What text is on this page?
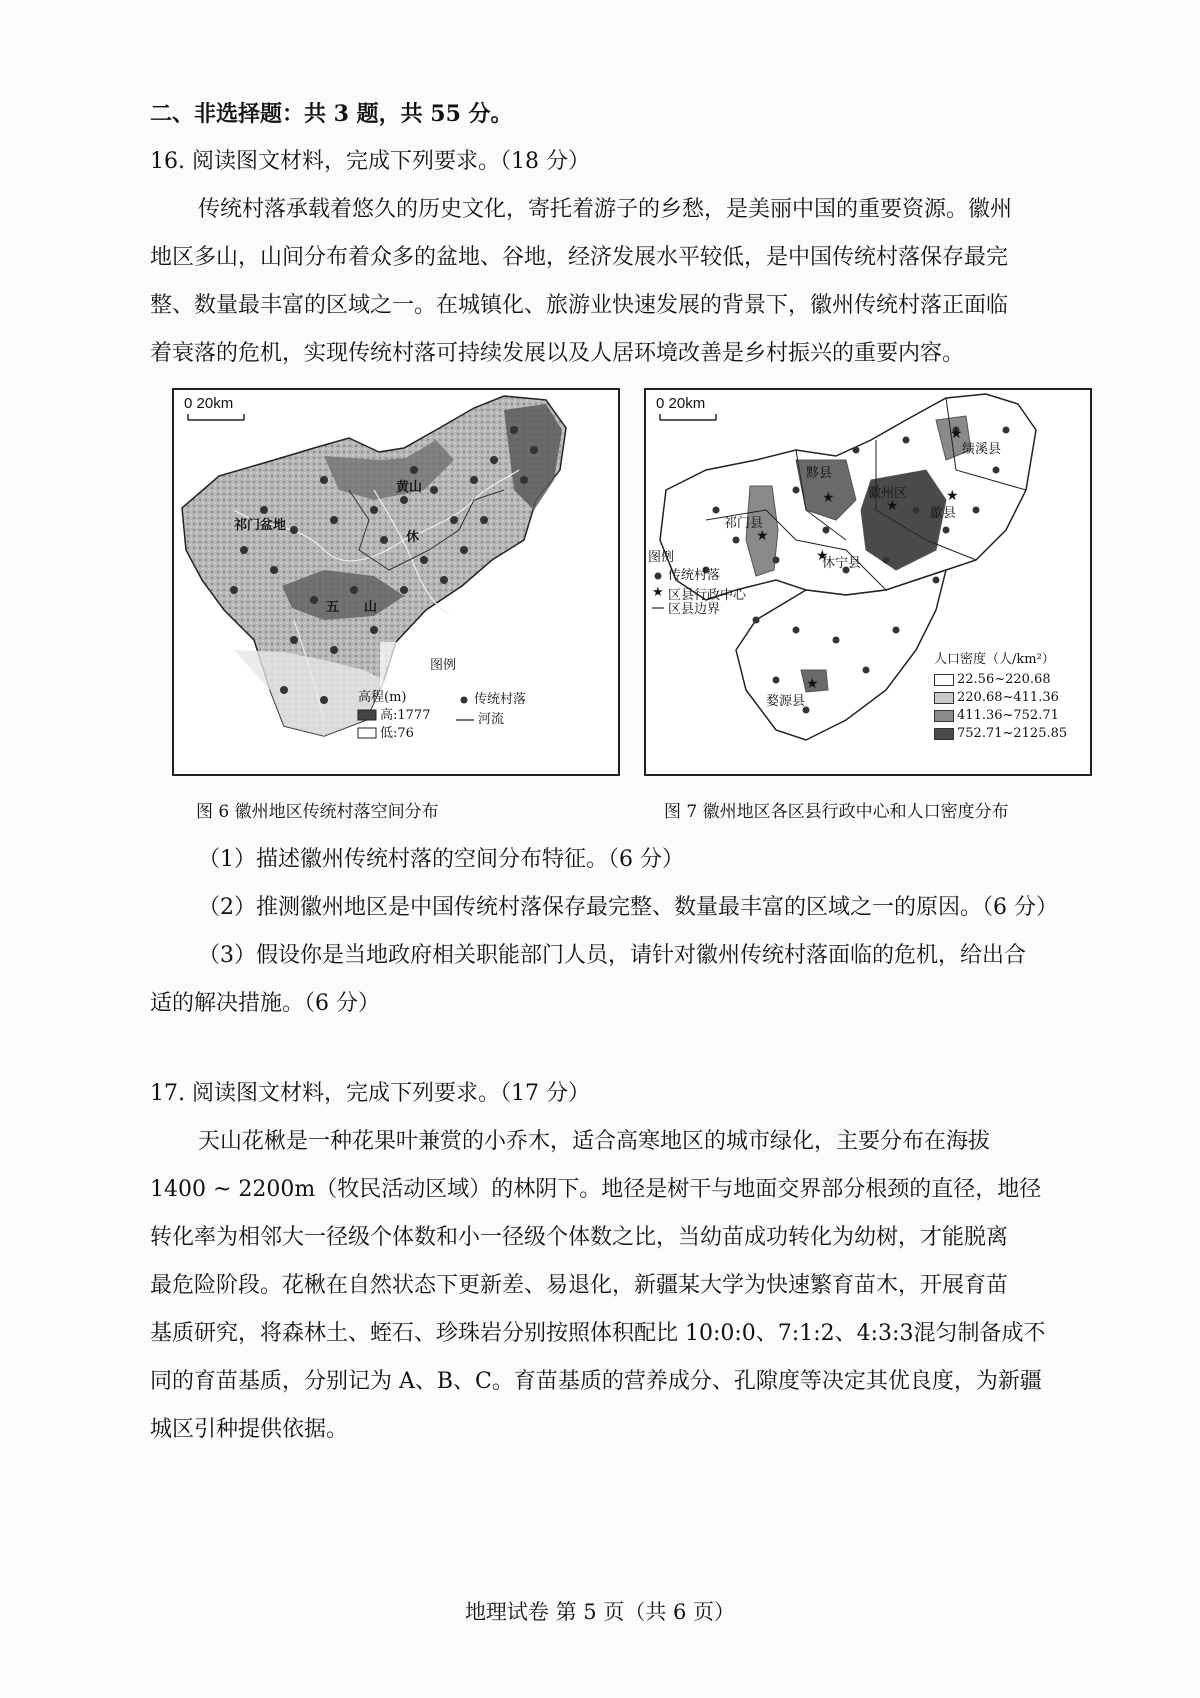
二、非选择题：共 3 题，共 55 分。
16. 阅读图文材料，完成下列要求。（18 分）
传统村落承载着悠久的历史文化，寄托着游子的乡愁，是美丽中国的重要资源。徽州
地区多山，山间分布着众多的盆地、谷地，经济发展水平较低，是中国传统村落保存最完
整、数量最丰富的区域之一。在城镇化、旅游业快速发展的背景下，徽州传统村落正面临
着衰落的危机，实现传统村落可持续发展以及人居环境改善是乡村振兴的重要内容。
0 20km
祁门盆地
五 山
黄山
休
图例
高程(m)
高:1777
低:76
传统村落
河流
★	★
★
★
★
★
★
★
0 20km
祁门县
黟县
徽州区
歙县
休宁县
婺源县
绩溪县
图例
传统村落
区县行政中心
区县边界
人口密度（人/km²）
22.56~220.68
220.68~411.36
411.36~752.71
752.71~2125.85
图 6 徽州地区传统村落空间分布	图 7 徽州地区各区县行政中心和人口密度分布
（1）描述徽州传统村落的空间分布特征。（6 分）
（2）推测徽州地区是中国传统村落保存最完整、数量最丰富的区域之一的原因。（6 分）
（3）假设你是当地政府相关职能部门人员，请针对徽州传统村落面临的危机，给出合
适的解决措施。（6 分）
17. 阅读图文材料，完成下列要求。（17 分）
天山花楸是一种花果叶兼赏的小乔木，适合高寒地区的城市绿化，主要分布在海拔
1400 ~ 2200m（牧民活动区域）的林阴下。地径是树干与地面交界部分根颈的直径，地径
转化率为相邻大一径级个体数和小一径级个体数之比，当幼苗成功转化为幼树，才能脱离
最危险阶段。花楸在自然状态下更新差、易退化，新疆某大学为快速繁育苗木，开展育苗
基质研究，将森林土、蛭石、珍珠岩分别按照体积配比 10:0:0、7:1:2、4:3:3混匀制备成不
同的育苗基质，分别记为 A、B、C。育苗基质的营养成分、孔隙度等决定其优良度，为新疆
城区引种提供依据。
地理试卷 第 5 页（共 6 页）
